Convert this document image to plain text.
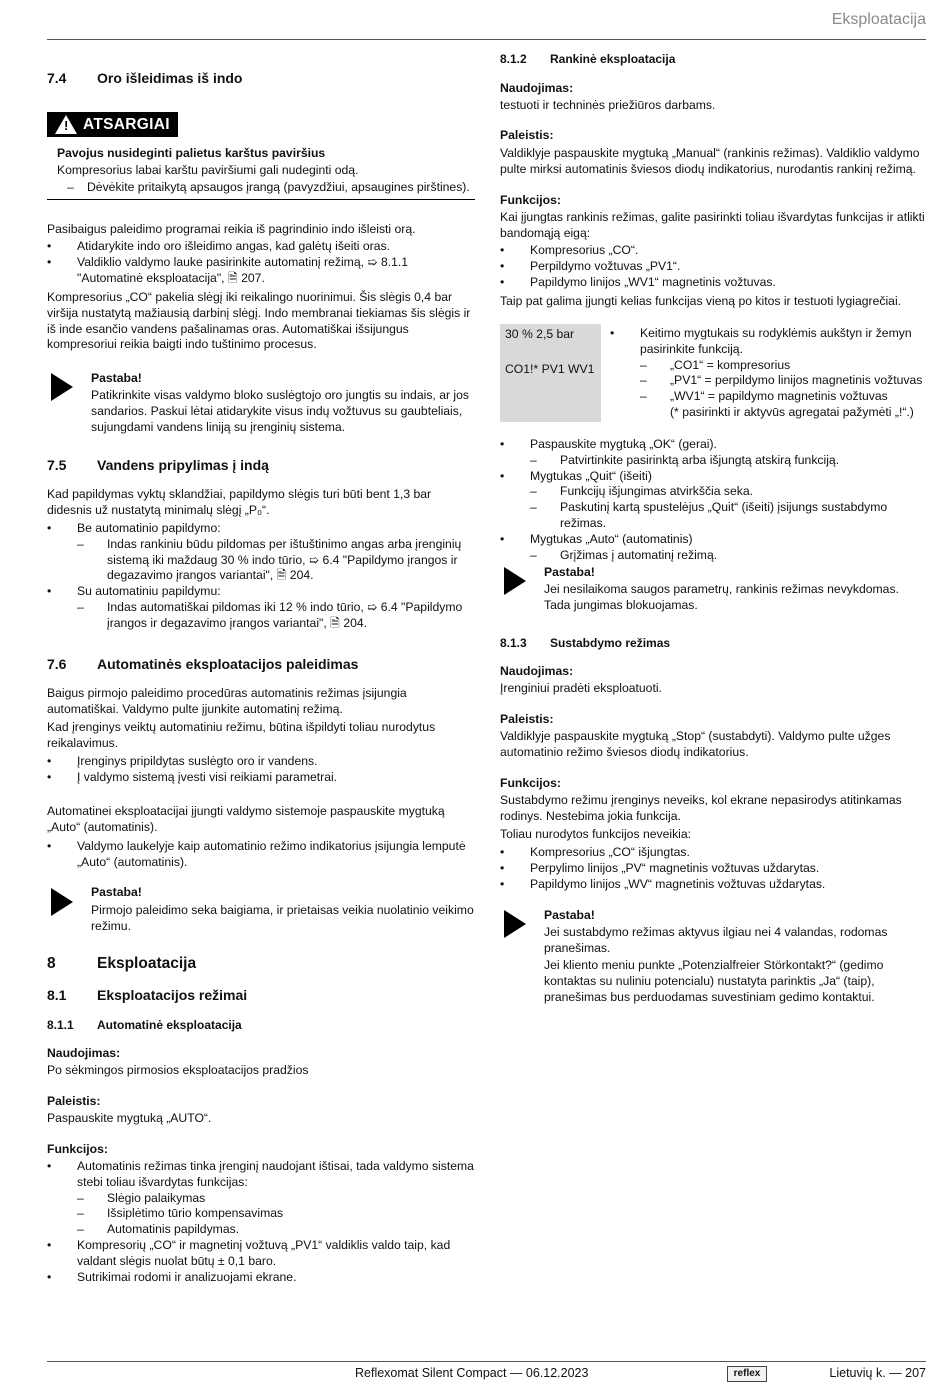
Eksploatacija
7.4 Oro išleidimas iš indo
! ATSARGIAI

Pavojus nusideginti palietus karštus paviršius

Kompresorius labai karštu paviršiumi gali nudeginti odą.

– Dėvėkite pritaikytą apsaugos įrangą (pavyzdžiui, apsaugines pirštines).

Pasibaigus paleidimo programai reikia iš pagrindinio indo išleisti orą.

• Atidarykite indo oro išleidimo angas, kad galėtų išeiti oras.
• Valdiklio valdymo lauke pasirinkite automatinį režimą, ➯ 8.1.1 "Automatinė eksploatacija", 🗎 207.

Kompresorius „CO“ pakelia slėgį iki reikalingo nuorinimui. Šis slėgis 0,4 bar viršija nustatytą mažiausią darbinį slėgį. Indo membranai tiekiamas šis slėgis ir iš inde esančio vandens pašalinamas oras. Automatiškai išsijungus kompresoriui reikia baigti indo tuštinimo procesus.

Pastaba!

Patikrinkite visas valdymo bloko suslėgtojo oro jungtis su indais, ar jos sandarios. Paskui lėtai atidarykite visus indų vožtuvus su gaubteliais, sujungdami vandens liniją su įrenginių sistema.

7.5 Vandens pripylimas į indą

Kad papildymas vyktų sklandžiai, papildymo slėgis turi būti bent 1,3 bar didesnis už nustatytą minimalų slėgį „P₀“.

• Be automatinio papildymo:
– Indas rankiniu būdu pildomas per ištuštinimo angas arba įrenginių sistemą iki maždaug 30 % indo tūrio, ➯ 6.4 "Papildymo įrangos ir degazavimo įrangos variantai", 🗎 204.
• Su automatiniu papildymu:
– Indas automatiškai pildomas iki 12 % indo tūrio, ➯ 6.4 "Papildymo įrangos ir degazavimo įrangos variantai", 🗎 204.
7.6 Automatinės eksploatacijos paleidimas

Baigus pirmojo paleidimo procedūras automatinis režimas įsijungia automatiškai. Valdymo pulte įjunkite automatinį režimą.

Kad įrenginys veiktų automatiniu režimu, būtina išpildyti toliau nurodytus reikalavimus.

• Įrenginys pripildytas suslėgto oro ir vandens.
• Į valdymo sistemą įvesti visi reikiami parametrai.

Automatinei eksploatacijai įjungti valdymo sistemoje paspauskite mygtuką „Auto“ (automatinis).

• Valdymo laukelyje kaip automatinio režimo indikatorius įsijungia lemputė „Auto“ (automatinis).

Pastaba!

Pirmojo paleidimo seka baigiama, ir prietaisas veikia nuolatinio veikimo režimu.

8	Eksploatacija
8.1 Eksploatacijos režimai
8.1.1 Automatinė eksploatacija

Naudojimas:

Po sėkmingos pirmosios eksploatacijos pradžios

Paleistis:

Paspauskite mygtuką „AUTO“.

Funkcijos:

• Automatinis režimas tinka įrenginį naudojant ištisai, tada valdymo sistema stebi toliau išvardytas funkcijas:
– Slėgio palaikymas
– Išsiplėtimo tūrio kompensavimas
– Automatinis papildymas.
• Kompresorių „CO“ ir magnetinį vožtuvą „PV1“ valdiklis valdo taip, kad valdant slėgis nuolat būtų ± 0,1 baro.
• Sutrikimai rodomi ir analizuojami ekrane.
8.1.2 Rankinė eksploatacija

Naudojimas:

testuoti ir techninės priežiūros darbams.

Paleistis:

Valdiklyje paspauskite mygtuką „Manual“ (rankinis režimas). Valdiklio valdymo pulte mirksi automatinis šviesos diodų indikatorius, nurodantis rankinį režimą.

Funkcijos:

Kai įjungtas rankinis režimas, galite pasirinkti toliau išvardytas funkcijas ir atlikti bandomąją eigą:

• Kompresorius „CO“.
• Perpildymo vožtuvas „PV1“.
• Papildymo linijos „WV1“ magnetinis vožtuvas.

Taip pat galima įjungti kelias funkcijas vieną po kitos ir testuoti lygiagrečiai.

30 % 2,5 bar
CO1!* PV1 WV1
• Keitimo mygtukais su rodyklėmis aukštyn ir žemyn pasirinkite funkciją.
– „CO1“ = kompresorius
– „PV1“ = perpildymo linijos magnetinis vožtuvas
– „WV1“ = papildymo magnetinis vožtuvas
(* pasirinkti ir aktyvūs agregatai pažymėti „!“.)
• Paspauskite mygtuką „OK“ (gerai).
– Patvirtinkite pasirinktą arba išjungtą atskirą funkciją.
• Mygtukas „Quit“ (išeiti)
– Funkcijų išjungimas atvirkščia seka.
– Paskutinį kartą spustelėjus „Quit“ (išeiti) įsijungs sustabdymo režimas.
• Mygtukas „Auto“ (automatinis)
– Grįžimas į automatinį režimą.

Pastaba!

Jei nesilaikoma saugos parametrų, rankinis režimas nevykdomas. Tada jungimas blokuojamas.

8.1.3 Sustabdymo režimas

Naudojimas:

Įrenginiui pradėti eksploatuoti.

Paleistis:

Valdiklyje paspauskite mygtuką „Stop“ (sustabdyti). Valdymo pulte užges automatinio režimo šviesos diodų indikatorius.

Funkcijos:

Sustabdymo režimu įrenginys neveiks, kol ekrane nepasirodys atitinkamas rodinys. Nestebima jokia funkcija.

Toliau nurodytos funkcijos neveikia:

• Kompresorius „CO“ išjungtas.
• Perpylimo linijos „PV“ magnetinis vožtuvas uždarytas.
• Papildymo linijos „WV“ magnetinis vožtuvas uždarytas.

Pastaba!

Jei sustabdymo režimas aktyvus ilgiau nei 4 valandas, rodomas pranešimas.

Jei kliento meniu punkte „Potenzialfreier Störkontakt?“ (gedimo kontaktas su nuliniu potencialu) nustatyta parinktis „Ja“ (taip), pranešimas bus perduodamas suvestiniam gedimo kontaktui.

Reflexomat Silent Compact — 06.12.2023	reflex	Lietuvių k. — 207
